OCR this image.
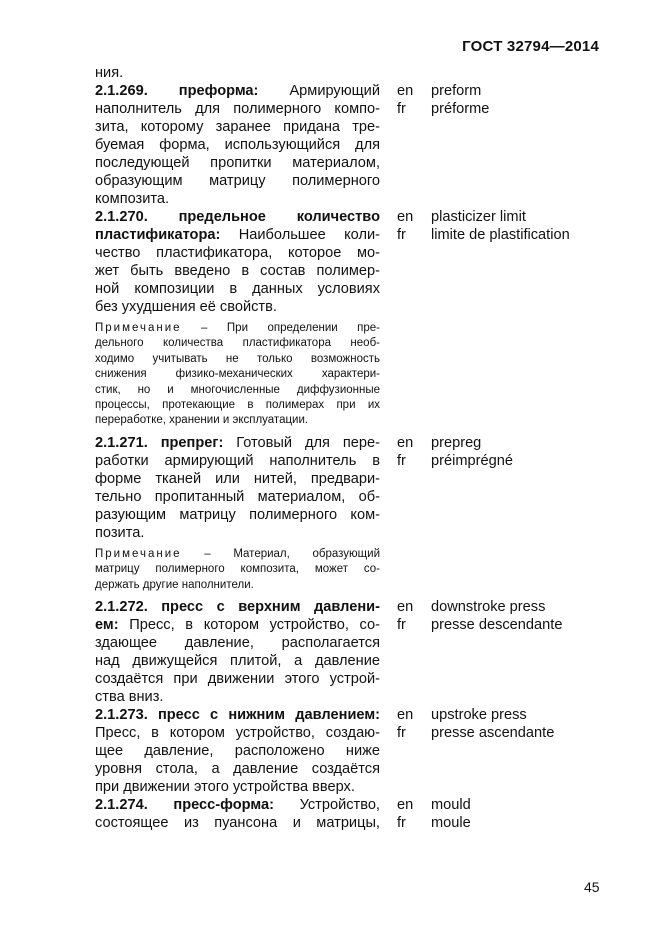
ГОСТ 32794—2014
ния.
2.1.269. преформа: Армирующий en preform
наполнитель для полимерного компо- fr préforme
зита, которому заранее придана тре-
буемая форма, использующийся для
последующей пропитки материалом,
образующим матрицу полимерного
композита.
2.1.270. предельное количество en plasticizer limit
пластификатора: Наибольшее коли- fr limite de plastification
чество пластификатора, которое мо-
жет быть введено в состав полимер-
ной композиции в данных условиях
без ухудшения её свойств.
Примечание – При определении пре-
дельного количества пластификатора необ-
ходимо учитывать не только возможность
снижения физико-механических характери-
стик, но и многочисленные диффузионные
процессы, протекающие в полимерах при их
переработке, хранении и эксплуатации.
2.1.271. препрег: Готовый для пере- en prepreg
работки армирующий наполнитель в fr préimprégné
форме тканей или нитей, предвари-
тельно пропитанный материалом, об-
разующим матрицу полимерного ком-
позита.
Примечание – Материал, образующий
матрицу полимерного композита, может со-
держать другие наполнители.
2.1.272. пресс с верхним давлени- en downstroke press
ем: Пресс, в котором устройство, со- fr presse descendante
здающее давление, располагается
над движущейся плитой, а давление
создаётся при движении этого устрой-
ства вниз.
2.1.273. пресс с нижним давлением: en upstroke press
Пресс, в котором устройство, создаю- fr presse ascendante
щее давление, расположено ниже
уровня стола, а давление создаётся
при движении этого устройства вверх.
2.1.274. пресс-форма: Устройство, en mould
состоящее из пуансона и матрицы, fr moule
45
